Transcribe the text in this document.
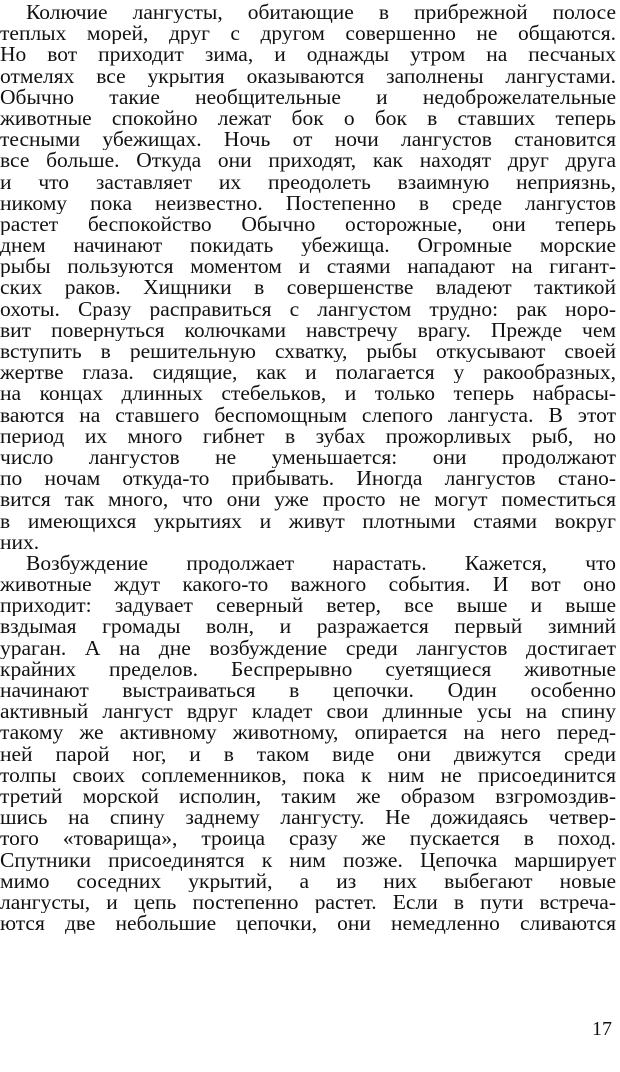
Колючие лангусты, обитающие в прибрежной полосе
теплых морей, друг с другом совершенно не общаются.
Но вот приходит зима, и однажды утром на песчаных
отмелях все укрытия оказываются заполнены лангустами.
Обычно такие необщительные и недоброжелательные
животные спокойно лежат бок о бок в ставших теперь
тесными убежищах. Ночь от ночи лангустов становится
все больше. Откуда они приходят, как находят друг друга
и что заставляет их преодолеть взаимную неприязнь,
никому пока неизвестно. Постепенно в среде лангустов
растет беспокойство Обычно осторожные, они теперь
днем начинают покидать убежища. Огромные морские
рыбы пользуются моментом и стаями нападают на гигант-
ских раков. Хищники в совершенстве владеют тактикой
охоты. Сразу расправиться с лангустом трудно: рак норо-
вит повернуться колючками навстречу врагу. Прежде чем
вступить в решительную схватку, рыбы откусывают своей
жертве глаза. сидящие, как и полагается у ракообразных,
на концах длинных стебельков, и только теперь набрасы-
ваются на ставшего беспомощным слепого лангуста. В этот
период их много гибнет в зубах прожорливых рыб, но
число лангустов не уменьшается: они продолжают
по ночам откуда-то прибывать. Иногда лангустов стано-
вится так много, что они уже просто не могут поместиться
в имеющихся укрытиях и живут плотными стаями вокруг
них.
Возбуждение продолжает нарастать. Кажется, что
животные ждут какого-то важного события. И вот оно
приходит: задувает северный ветер, все выше и выше
вздымая громады волн, и разражается первый зимний
ураган. А на дне возбуждение среди лангустов достигает
крайних пределов. Беспрерывно суетящиеся животные
начинают выстраиваться в цепочки. Один особенно
активный лангуст вдруг кладет свои длинные усы на спину
такому же активному животному, опирается на него перед-
ней парой ног, и в таком виде они движутся среди
толпы своих соплеменников, пока к ним не присоединится
третий морской исполин, таким же образом взгромоздив-
шись на спину заднему лангусту. Не дожидаясь четвер-
того «товарища», троица сразу же пускается в поход.
Спутники присоединятся к ним позже. Цепочка марширует
мимо соседних укрытий, а из них выбегают новые
лангусты, и цепь постепенно растет. Если в пути встреча-
ются две небольшие цепочки, они немедленно сливаются
17
